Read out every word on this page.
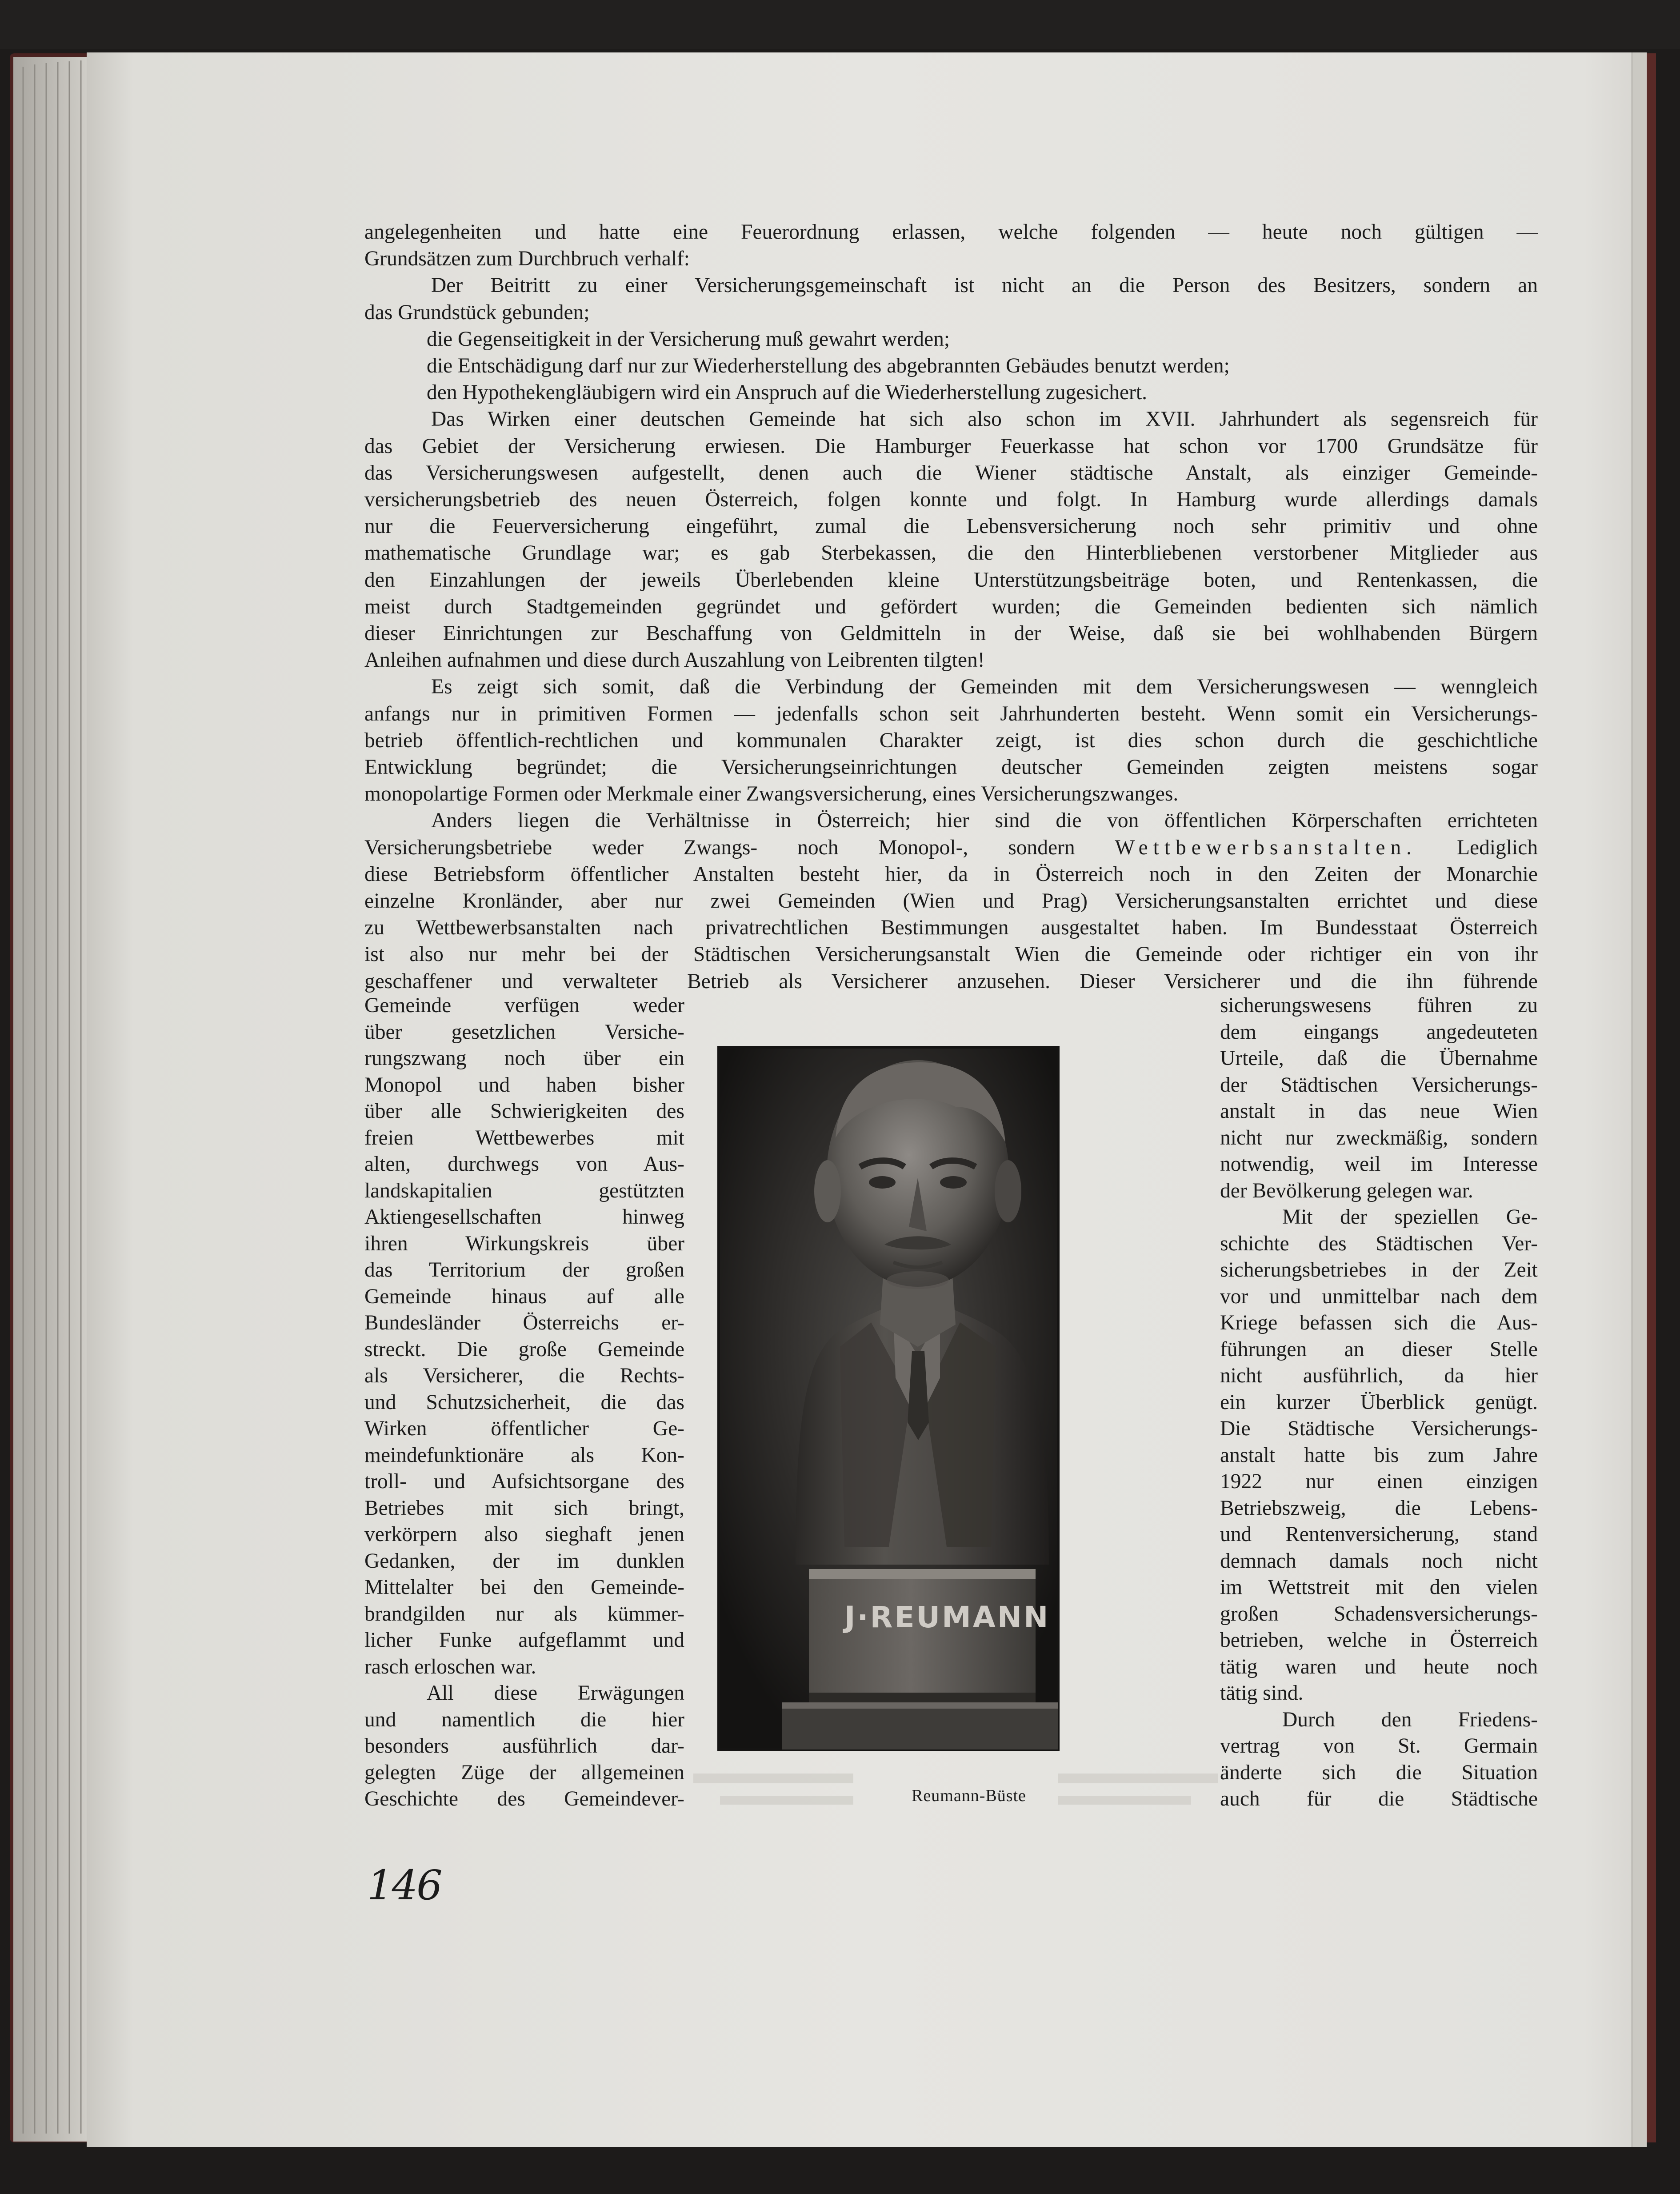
J·REUMANN

angelegenheiten und hatte eine Feuerordnung erlassen, welche folgenden — heute noch gültigen —

Grundsätzen zum Durchbruch verhalf:

Der Beitritt zu einer Versicherungsgemeinschaft ist nicht an die Person des Besitzers, sondern an

das Grundstück gebunden;

die Gegenseitigkeit in der Versicherung muß gewahrt werden;

die Entschädigung darf nur zur Wiederherstellung des abgebrannten Gebäudes benutzt werden;

den Hypothekengläubigern wird ein Anspruch auf die Wiederherstellung zugesichert.

Das Wirken einer deutschen Gemeinde hat sich also schon im XVII. Jahrhundert als segensreich für

das Gebiet der Versicherung erwiesen. Die Hamburger Feuerkasse hat schon vor 1700 Grundsätze für

das Versicherungswesen aufgestellt, denen auch die Wiener städtische Anstalt, als einziger Gemeinde-

versicherungsbetrieb des neuen Österreich, folgen konnte und folgt. In Hamburg wurde allerdings damals

nur die Feuerversicherung eingeführt, zumal die Lebensversicherung noch sehr primitiv und ohne

mathematische Grundlage war; es gab Sterbekassen, die den Hinterbliebenen verstorbener Mitglieder aus

den Einzahlungen der jeweils Überlebenden kleine Unterstützungsbeiträge boten, und Rentenkassen, die

meist durch Stadtgemeinden gegründet und gefördert wurden; die Gemeinden bedienten sich nämlich

dieser Einrichtungen zur Beschaffung von Geldmitteln in der Weise, daß sie bei wohlhabenden Bürgern

Anleihen aufnahmen und diese durch Auszahlung von Leibrenten tilgten!

Es zeigt sich somit, daß die Verbindung der Gemeinden mit dem Versicherungswesen — wenngleich

anfangs nur in primitiven Formen — jedenfalls schon seit Jahrhunderten besteht. Wenn somit ein Versicherungs-

betrieb öffentlich-rechtlichen und kommunalen Charakter zeigt, ist dies schon durch die geschichtliche

Entwicklung begründet; die Versicherungseinrichtungen deutscher Gemeinden zeigten meistens sogar

monopolartige Formen oder Merkmale einer Zwangsversicherung, eines Versicherungszwanges.

Anders liegen die Verhältnisse in Österreich; hier sind die von öffentlichen Körperschaften errichteten

Versicherungsbetriebe weder Zwangs- noch Monopol-, sondern Wettbewerbsanstalten. Lediglich

diese Betriebsform öffentlicher Anstalten besteht hier, da in Österreich noch in den Zeiten der Monarchie

einzelne Kronländer, aber nur zwei Gemeinden (Wien und Prag) Versicherungsanstalten errichtet und diese

zu Wettbewerbsanstalten nach privatrechtlichen Bestimmungen ausgestaltet haben. Im Bundesstaat Österreich

ist also nur mehr bei der Städtischen Versicherungsanstalt Wien die Gemeinde oder richtiger ein von ihr

geschaffener und verwalteter Betrieb als Versicherer anzusehen. Dieser Versicherer und die ihn führende

Gemeinde verfügen weder

über gesetzlichen Versiche-

rungszwang noch über ein

Monopol und haben bisher

über alle Schwierigkeiten des

freien Wettbewerbes mit

alten, durchwegs von Aus-

landskapitalien gestützten

Aktiengesellschaften hinweg

ihren Wirkungskreis über

das Territorium der großen

Gemeinde hinaus auf alle

Bundesländer Österreichs er-

streckt. Die große Gemeinde

als Versicherer, die Rechts-

und Schutzsicherheit, die das

Wirken öffentlicher Ge-

meindefunktionäre als Kon-

troll- und Aufsichtsorgane des

Betriebes mit sich bringt,

verkörpern also sieghaft jenen

Gedanken, der im dunklen

Mittelalter bei den Gemeinde-

brandgilden nur als kümmer-

licher Funke aufgeflammt und

rasch erloschen war.

All diese Erwägungen

und namentlich die hier

besonders ausführlich dar-

gelegten Züge der allgemeinen

Geschichte des Gemeindever-

sicherungswesens führen zu

dem eingangs angedeuteten

Urteile, daß die Übernahme

der Städtischen Versicherungs-

anstalt in das neue Wien

nicht nur zweckmäßig, sondern

notwendig, weil im Interesse

der Bevölkerung gelegen war.

Mit der speziellen Ge-

schichte des Städtischen Ver-

sicherungsbetriebes in der Zeit

vor und unmittelbar nach dem

Kriege befassen sich die Aus-

führungen an dieser Stelle

nicht ausführlich, da hier

ein kurzer Überblick genügt.

Die Städtische Versicherungs-

anstalt hatte bis zum Jahre

1922 nur einen einzigen

Betriebszweig, die Lebens-

und Rentenversicherung, stand

demnach damals noch nicht

im Wettstreit mit den vielen

großen Schadensversicherungs-

betrieben, welche in Österreich

tätig waren und heute noch

tätig sind.

Durch den Friedens-

vertrag von St. Germain

änderte sich die Situation

auch für die Städtische

Reumann-Büste
146
